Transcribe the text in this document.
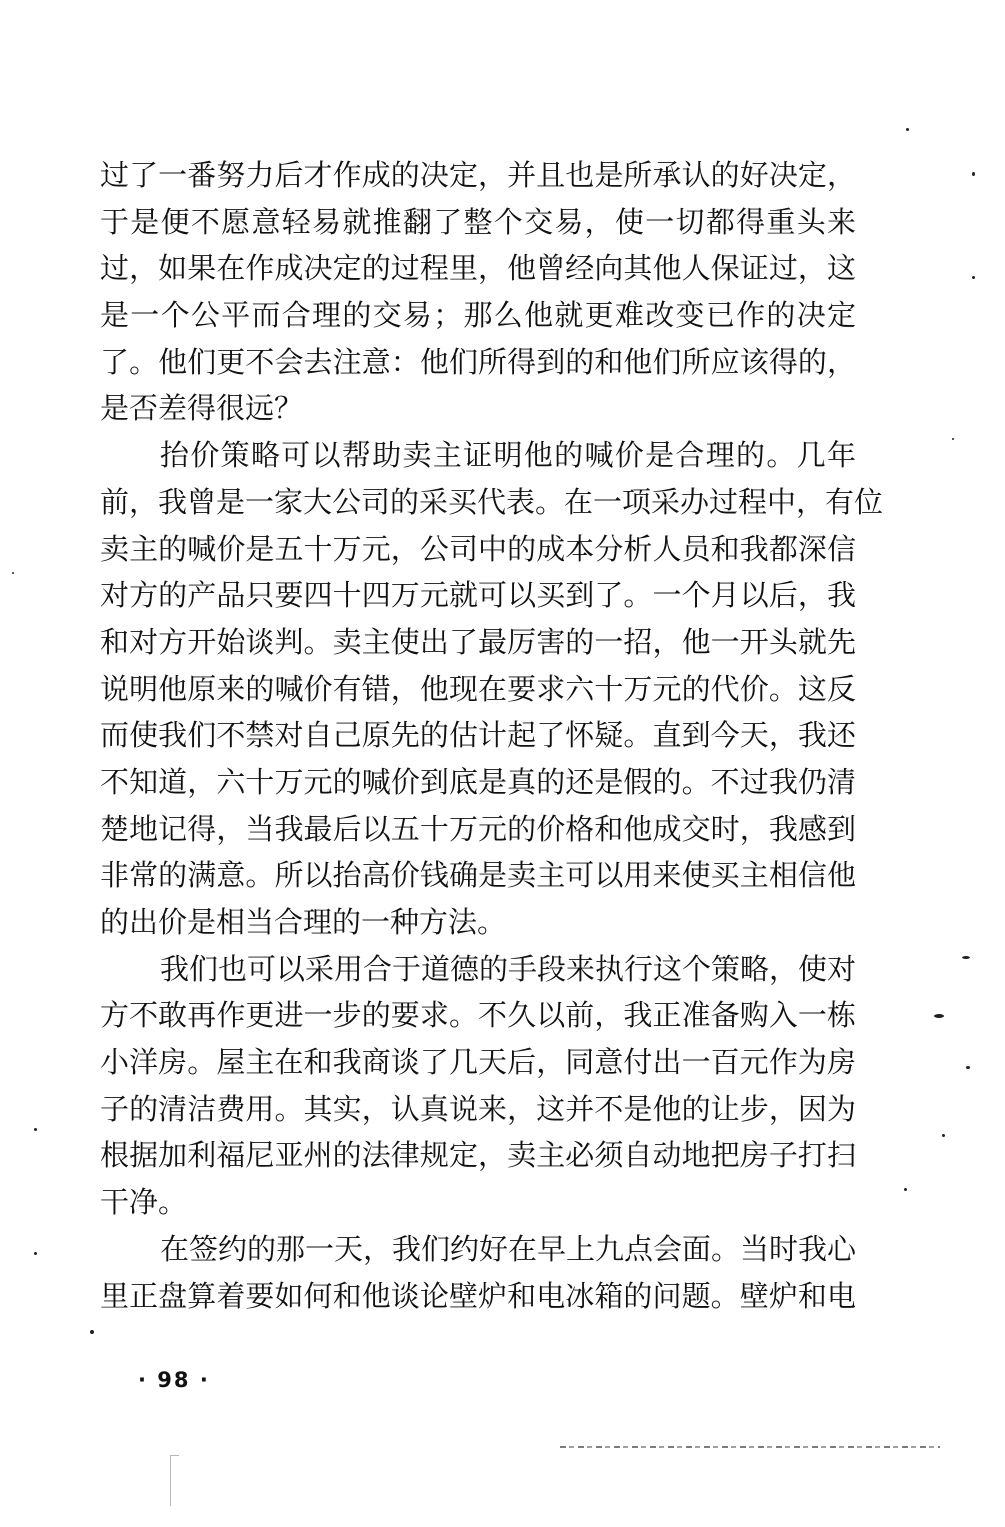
过了一番努力后才作成的决定，并且也是所承认的好决定，
于是便不愿意轻易就推翻了整个交易，使一切都得重头来
过，如果在作成决定的过程里，他曾经向其他人保证过，这
是一个公平而合理的交易；那么他就更难改变已作的决定
了。他们更不会去注意：他们所得到的和他们所应该得的，
是否差得很远？
抬价策略可以帮助卖主证明他的喊价是合理的。几年
前，我曾是一家大公司的采买代表。在一项采办过程中，有位
卖主的喊价是五十万元，公司中的成本分析人员和我都深信
对方的产品只要四十四万元就可以买到了。一个月以后，我
和对方开始谈判。卖主使出了最厉害的一招，他一开头就先
说明他原来的喊价有错，他现在要求六十万元的代价。这反
而使我们不禁对自己原先的估计起了怀疑。直到今天，我还
不知道，六十万元的喊价到底是真的还是假的。不过我仍清
楚地记得，当我最后以五十万元的价格和他成交时，我感到
非常的满意。所以抬高价钱确是卖主可以用来使买主相信他
的出价是相当合理的一种方法。
我们也可以采用合于道德的手段来执行这个策略，使对
方不敢再作更进一步的要求。不久以前，我正准备购入一栋
小洋房。屋主在和我商谈了几天后，同意付出一百元作为房
子的清洁费用。其实，认真说来，这并不是他的让步，因为
根据加利福尼亚州的法律规定，卖主必须自动地把房子打扫
干净。
在签约的那一天，我们约好在早上九点会面。当时我心
里正盘算着要如何和他谈论壁炉和电冰箱的问题。壁炉和电
· 98 ·
